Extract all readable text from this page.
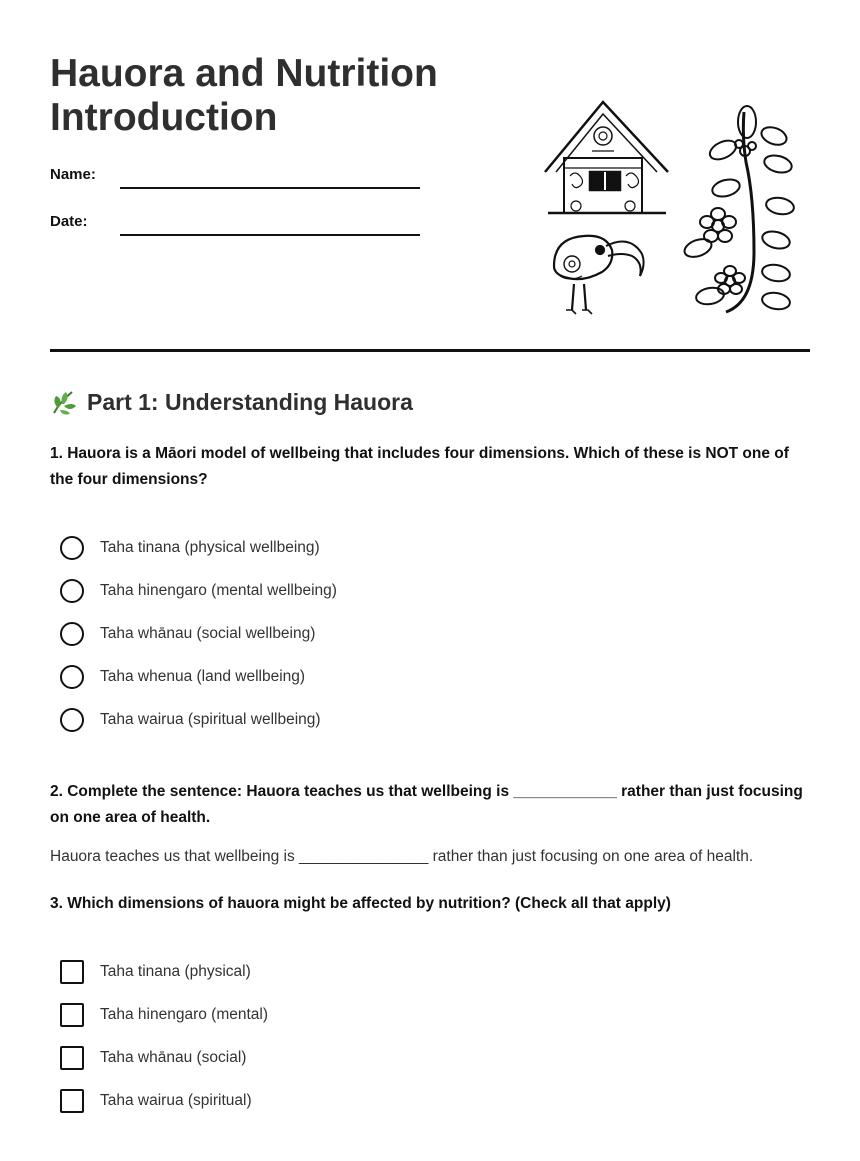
Hauora and Nutrition
Introduction
Name:
Date:
Part 1: Understanding Hauora

1. Hauora is a Māori model of wellbeing that includes four dimensions. Which of these is NOT one of the four dimensions?

Taha tinana (physical wellbeing)
Taha hinengaro (mental wellbeing)
Taha whānau (social wellbeing)
Taha whenua (land wellbeing)
Taha wairua (spiritual wellbeing)

2. Complete the sentence: Hauora teaches us that wellbeing is ____________ rather than just focusing on one area of health.

Hauora teaches us that wellbeing is _______________ rather than just focusing on one area of health.

3. Which dimensions of hauora might be affected by nutrition? (Check all that apply)

Taha tinana (physical)
Taha hinengaro (mental)
Taha whānau (social)
Taha wairua (spiritual)
